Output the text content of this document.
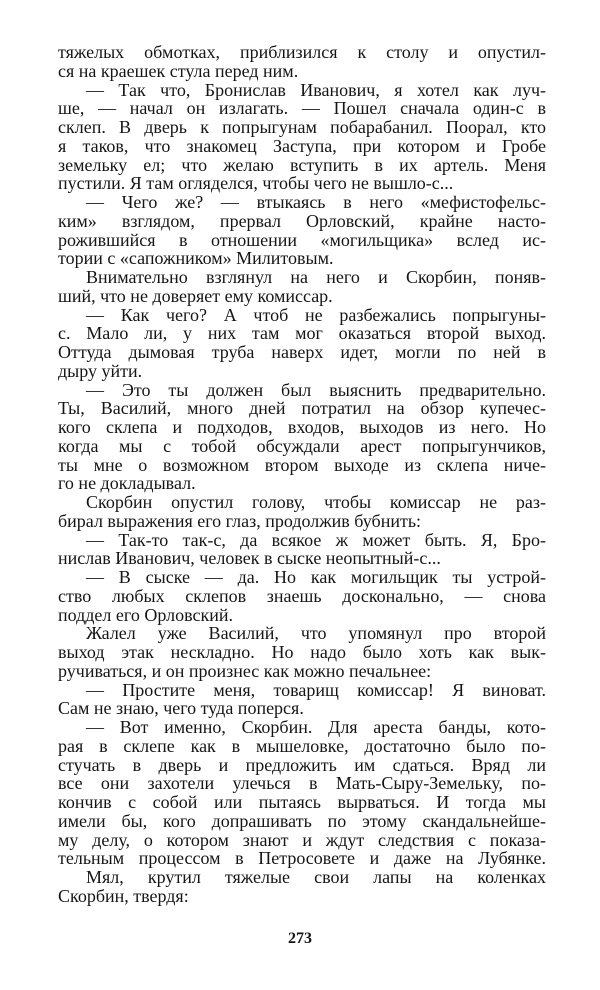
тяжелых обмотках, приблизился к столу и опустил-
ся на краешек стула перед ним.
— Так что, Бронислав Иванович, я хотел как луч-
ше, — начал он излагать. — Пошел сначала один-с в
склеп. В дверь к попрыгунам побарабанил. Поорал, кто
я таков, что знакомец Заступа, при котором и Гробе
земельку ел; что желаю вступить в их артель. Меня
пустили. Я там огляделся, чтобы чего не вышло-с...
— Чего же? — втыкаясь в него «мефистофельс-
ким» взглядом, прервал Орловский, крайне насто-
рожившийся в отношении «могильщика» вслед ис-
тории с «сапожником» Милитовым.
Внимательно взглянул на него и Скорбин, поняв-
ший, что не доверяет ему комиссар.
— Как чего? А чтоб не разбежались попрыгуны-
с. Мало ли, у них там мог оказаться второй выход.
Оттуда дымовая труба наверх идет, могли по ней в
дыру уйти.
— Это ты должен был выяснить предварительно.
Ты, Василий, много дней потратил на обзор купечес-
кого склепа и подходов, входов, выходов из него. Но
когда мы с тобой обсуждали арест попрыгунчиков,
ты мне о возможном втором выходе из склепа ниче-
го не докладывал.
Скорбин опустил голову, чтобы комиссар не раз-
бирал выражения его глаз, продолжив бубнить:
— Так-то так-с, да всякое ж может быть. Я, Бро-
нислав Иванович, человек в сыске неопытный-с...
— В сыске — да. Но как могильщик ты устрой-
ство любых склепов знаешь досконально, — снова
поддел его Орловский.
Жалел уже Василий, что упомянул про второй
выход этак нескладно. Но надо было хоть как вык-
ручиваться, и он произнес как можно печальнее:
— Простите меня, товарищ комиссар! Я виноват.
Сам не знаю, чего туда поперся.
— Вот именно, Скорбин. Для ареста банды, кото-
рая в склепе как в мышеловке, достаточно было по-
стучать в дверь и предложить им сдаться. Вряд ли
все они захотели улечься в Мать-Сыру-Земельку, по-
кончив с собой или пытаясь вырваться. И тогда мы
имели бы, кого допрашивать по этому скандальнейше-
му делу, о котором знают и ждут следствия с показа-
тельным процессом в Петросовете и даже на Лубянке.
Мял, крутил тяжелые свои лапы на коленках
Скорбин, твердя:
273
